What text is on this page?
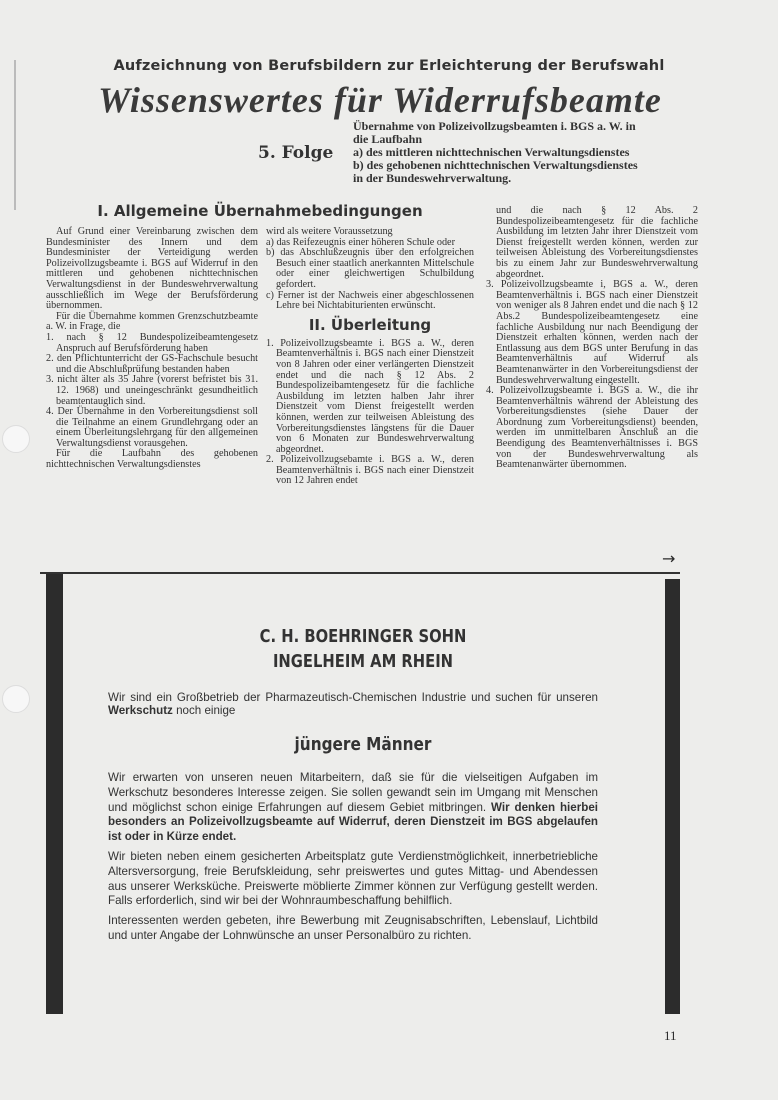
Aufzeichnung von Berufsbildern zur Erleichterung der Berufswahl
Wissenswertes für Widerrufsbeamte
5. Folge
Übernahme von Polizeivollzugsbeamten i. BGS a. W. in
die Laufbahn
a) des mittleren nichttechnischen Verwaltungsdienstes
b) des gehobenen nichttechnischen Verwaltungsdienstes
in der Bundeswehrverwaltung.
I. Allgemeine Übernahmebedingungen

Auf Grund einer Vereinbarung zwischen dem Bundesminister des Innern und dem Bundesminister der Verteidigung werden Polizeivollzugsbeamte i. BGS auf Widerruf in den mittleren und gehobenen nichttechnischen Verwaltungsdienst in der Bundeswehrverwaltung ausschließlich im Wege der Berufsförderung übernommen.

Für die Übernahme kommen Grenzschutzbeamte a. W. in Frage, die

1. nach § 12 Bundespolizeibeamtengesetz Anspruch auf Berufsförderung haben

2. den Pflichtunterricht der GS-Fachschule besucht und die Abschlußprüfung bestanden haben

3. nicht älter als 35 Jahre (vorerst befristet bis 31. 12. 1968) und uneingeschränkt gesundheitlich beamtentauglich sind.

4. Der Übernahme in den Vorbereitungsdienst soll die Teilnahme an einem Grundlehrgang oder an einem Überleitungslehrgang für den allgemeinen Verwaltungsdienst vorausgehen.

Für die Laufbahn des gehobenen nichttechnischen Verwaltungsdienstes

wird als weitere Voraussetzung

a) das Reifezeugnis einer höheren Schule oder

b) das Abschlußzeugnis über den erfolgreichen Besuch einer staatlich anerkannten Mittelschule oder einer gleichwertigen Schulbildung gefordert.

c) Ferner ist der Nachweis einer abgeschlossenen Lehre bei Nichtabiturienten erwünscht.

II. Überleitung

1. Polizeivollzugsbeamte i. BGS a. W., deren Beamtenverhältnis i. BGS nach einer Dienstzeit von 8 Jahren oder einer verlängerten Dienstzeit endet und die nach § 12 Abs. 2 Bundespolizeibamtengesetz für die fachliche Ausbildung im letzten halben Jahr ihrer Dienstzeit vom Dienst freigestellt werden können, werden zur teilweisen Ableistung des Vorbereitungsdienstes längstens für die Dauer von 6 Monaten zur Bundeswehrverwaltung abgeordnet.

2. Polizeivollzugsebamte i. BGS a. W., deren Beamtenverhältnis i. BGS nach einer Dienstzeit von 12 Jahren endet

und die nach § 12 Abs. 2 Bundespolizeibeamtengesetz für die fachliche Ausbildung im letzten Jahr ihrer Dienstzeit vom Dienst freigestellt werden können, werden zur teilweisen Ableistung des Vorbereitungsdienstes bis zu einem Jahr zur Bundeswehrverwaltung abgeordnet.

3. Polizeivollzugsbeamte i, BGS a. W., deren Beamtenverhältnis i. BGS nach einer Dienstzeit von weniger als 8 Jahren endet und die nach § 12 Abs.2 Bundespolizeibeamtengesetz eine fachliche Ausbildung nur nach Beendigung der Dienstzeit erhalten können, werden nach der Entlassung aus dem BGS unter Berufung in das Beamtenverhältnis auf Widerruf als Beamtenanwärter in den Vorbereitungsdienst der Bundeswehrverwaltung eingestellt.

4. Polizeivollzugsbeamte i. BGS a. W., die ihr Beamtenverhältnis während der Ableistung des Vorbereitungsdienstes (siehe Dauer der Abordnung zum Vorbereitungsdienst) beenden, werden im unmittelbaren Anschluß an die Beendigung des Beamtenverhältnisses i. BGS von der Bundeswehrverwaltung als Beamtenanwärter übernommen.

→
C. H. BOEHRINGER SOHN
INGELHEIM AM RHEIN
Wir sind ein Großbetrieb der Pharmazeutisch-Chemischen Industrie und suchen für unseren Werkschutz noch einige
jüngere Männer

Wir erwarten von unseren neuen Mitarbeitern, daß sie für die vielseitigen Aufgaben im Werkschutz besonderes Interesse zeigen. Sie sollen gewandt sein im Umgang mit Menschen und möglichst schon einige Erfahrungen auf diesem Gebiet mitbringen. Wir denken hierbei besonders an Polizeivollzugsbeamte auf Widerruf, deren Dienstzeit im BGS abgelaufen ist oder in Kürze endet.

Wir bieten neben einem gesicherten Arbeitsplatz gute Verdienstmöglichkeit, innerbetriebliche Altersversorgung, freie Berufskleidung, sehr preiswertes und gutes Mittag- und Abendessen aus unserer Werksküche. Preiswerte möblierte Zimmer können zur Verfügung gestellt werden. Falls erforderlich, sind wir bei der Wohnraumbeschaffung behilflich.

Interessenten werden gebeten, ihre Bewerbung mit Zeugnisabschriften, Lebenslauf, Lichtbild und unter Angabe der Lohnwünsche an unser Personalbüro zu richten.

11
